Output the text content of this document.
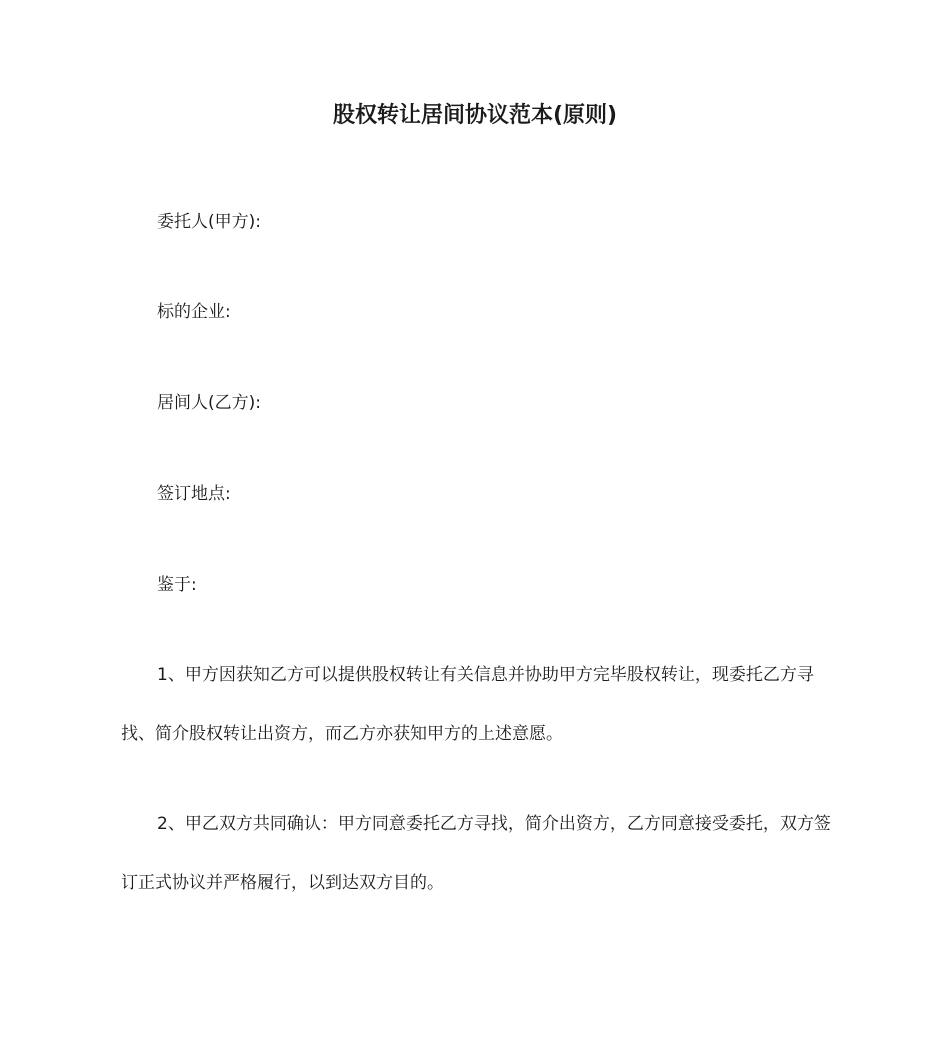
股权转让居间协议范本(原则)
委托人(甲方):
标的企业:
居间人(乙方):
签订地点:
鉴于:

1、甲方因获知乙方可以提供股权转让有关信息并协助甲方完毕股权转让，现委托乙方寻找、简介股权转让出资方，而乙方亦获知甲方的上述意愿。

2、甲乙双方共同确认：甲方同意委托乙方寻找，简介出资方，乙方同意接受委托，双方签订正式协议并严格履行，以到达双方目的。
